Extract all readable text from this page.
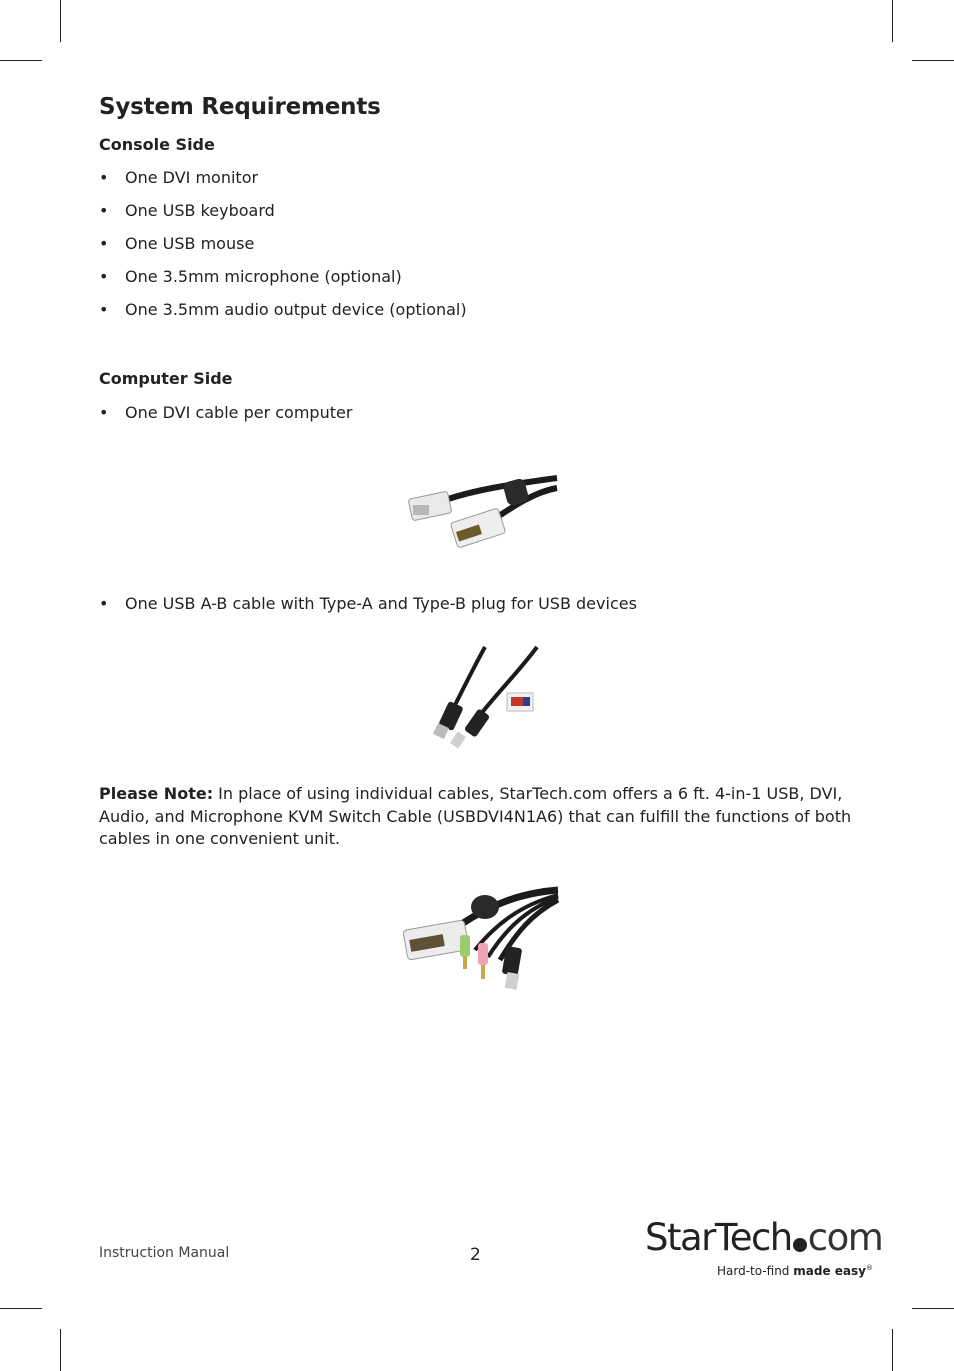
System Requirements
Console Side
• One DVI monitor
• One USB keyboard
• One USB mouse
• One 3.5mm microphone (optional)
• One 3.5mm audio output device (optional)
Computer Side
• One DVI cable per computer
• One USB A-B cable with Type-A and Type-B plug for USB devices
Please Note: In place of using individual cables, StarTech.com offers a 6 ft. 4-in-1 USB, DVI, Audio, and Microphone KVM Switch Cable (USBDVI4N1A6) that can fulfill the functions of both cables in one convenient unit.
Instruction Manual	2	StarTech com
Hard-to-find made easy®
